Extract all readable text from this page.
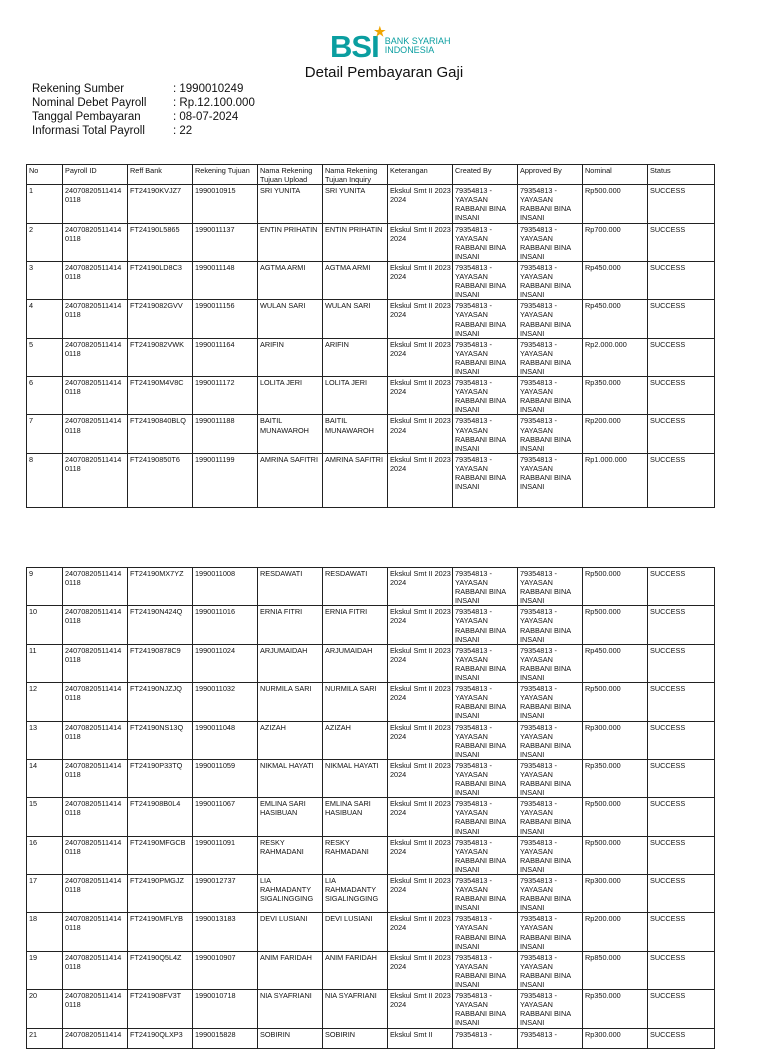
BSI
★
BANK SYARIAH
INDONESIA
Detail Pembayaran Gaji
Rekening Sumber	: 1990010249
Nominal Debet Payroll	: Rp.12.100.000
Tanggal Pembayaran	: 08-07-2024
Informasi Total Payroll	: 22
No	Payroll ID	Reff Bank	Rekening Tujuan	Nama Rekening Tujuan Upload	Nama Rekening Tujuan Inquiry	Keterangan	Created By	Approved By	Nominal	Status
1	24070820511414 0118	FT24190KVJZ7	1990010915	SRI YUNITA	SRI YUNITA	Ekskul Smt II 2023 2024	79354813 - YAYASAN RABBANI BINA INSANI	79354813 - YAYASAN RABBANI BINA INSANI	Rp500.000	SUCCESS
2	24070820511414 0118	FT24190L5865	1990011137	ENTIN PRIHATIN	ENTIN PRIHATIN	Ekskul Smt II 2023 2024	79354813 - YAYASAN RABBANI BINA INSANI	79354813 - YAYASAN RABBANI BINA INSANI	Rp700.000	SUCCESS
3	24070820511414 0118	FT24190LD8C3	1990011148	AGTMA ARMI	AGTMA ARMI	Ekskul Smt II 2023 2024	79354813 - YAYASAN RABBANI BINA INSANI	79354813 - YAYASAN RABBANI BINA INSANI	Rp450.000	SUCCESS
4	24070820511414 0118	FT2419082GVV	1990011156	WULAN SARI	WULAN SARI	Ekskul Smt II 2023 2024	79354813 - YAYASAN RABBANI BINA INSANI	79354813 - YAYASAN RABBANI BINA INSANI	Rp450.000	SUCCESS
5	24070820511414 0118	FT2419082VWK	1990011164	ARIFIN	ARIFIN	Ekskul Smt II 2023 2024	79354813 - YAYASAN RABBANI BINA INSANI	79354813 - YAYASAN RABBANI BINA INSANI	Rp2.000.000	SUCCESS
6	24070820511414 0118	FT24190M4V8C	1990011172	LOLITA JERI	LOLITA JERI	Ekskul Smt II 2023 2024	79354813 - YAYASAN RABBANI BINA INSANI	79354813 - YAYASAN RABBANI BINA INSANI	Rp350.000	SUCCESS
7	24070820511414 0118	FT24190840BLQ	1990011188	BAITIL MUNAWAROH	BAITIL MUNAWAROH	Ekskul Smt II 2023 2024	79354813 - YAYASAN RABBANI BINA INSANI	79354813 - YAYASAN RABBANI BINA INSANI	Rp200.000	SUCCESS
8	24070820511414 0118	FT24190850T6	1990011199	AMRINA SAFITRI	AMRINA SAFITRI	Ekskul Smt II 2023 2024	79354813 - YAYASAN RABBANI BINA INSANI	79354813 - YAYASAN RABBANI BINA INSANI	Rp1.000.000	SUCCESS
9	24070820511414 0118	FT24190MX7YZ	1990011008	RESDAWATI	RESDAWATI	Ekskul Smt II 2023 2024	79354813 - YAYASAN RABBANI BINA INSANI	79354813 - YAYASAN RABBANI BINA INSANI	Rp500.000	SUCCESS
10	24070820511414 0118	FT24190N424Q	1990011016	ERNIA FITRI	ERNIA FITRI	Ekskul Smt II 2023 2024	79354813 - YAYASAN RABBANI BINA INSANI	79354813 - YAYASAN RABBANI BINA INSANI	Rp500.000	SUCCESS
11	24070820511414 0118	FT24190878C9	1990011024	ARJUMAIDAH	ARJUMAIDAH	Ekskul Smt II 2023 2024	79354813 - YAYASAN RABBANI BINA INSANI	79354813 - YAYASAN RABBANI BINA INSANI	Rp450.000	SUCCESS
12	24070820511414 0118	FT24190NJZJQ	1990011032	NURMILA SARI	NURMILA SARI	Ekskul Smt II 2023 2024	79354813 - YAYASAN RABBANI BINA INSANI	79354813 - YAYASAN RABBANI BINA INSANI	Rp500.000	SUCCESS
13	24070820511414 0118	FT24190NS13Q	1990011048	AZIZAH	AZIZAH	Ekskul Smt II 2023 2024	79354813 - YAYASAN RABBANI BINA INSANI	79354813 - YAYASAN RABBANI BINA INSANI	Rp300.000	SUCCESS
14	24070820511414 0118	FT24190P33TQ	1990011059	NIKMAL HAYATI	NIKMAL HAYATI	Ekskul Smt II 2023 2024	79354813 - YAYASAN RABBANI BINA INSANI	79354813 - YAYASAN RABBANI BINA INSANI	Rp350.000	SUCCESS
15	24070820511414 0118	FT241908B0L4	1990011067	EMLINA SARI HASIBUAN	EMLINA SARI HASIBUAN	Ekskul Smt II 2023 2024	79354813 - YAYASAN RABBANI BINA INSANI	79354813 - YAYASAN RABBANI BINA INSANI	Rp500.000	SUCCESS
16	24070820511414 0118	FT24190MFGCB	1990011091	RESKY RAHMADANI	RESKY RAHMADANI	Ekskul Smt II 2023 2024	79354813 - YAYASAN RABBANI BINA INSANI	79354813 - YAYASAN RABBANI BINA INSANI	Rp500.000	SUCCESS
17	24070820511414 0118	FT24190PMGJZ	1990012737	LIA RAHMADANTY SIGALINGGING	LIA RAHMADANTY SIGALINGGING	Ekskul Smt II 2023 2024	79354813 - YAYASAN RABBANI BINA INSANI	79354813 - YAYASAN RABBANI BINA INSANI	Rp300.000	SUCCESS
18	24070820511414 0118	FT24190MFLYB	1990013183	DEVI LUSIANI	DEVI LUSIANI	Ekskul Smt II 2023 2024	79354813 - YAYASAN RABBANI BINA INSANI	79354813 - YAYASAN RABBANI BINA INSANI	Rp200.000	SUCCESS
19	24070820511414 0118	FT24190Q5L4Z	1990010907	ANIM FARIDAH	ANIM FARIDAH	Ekskul Smt II 2023 2024	79354813 - YAYASAN RABBANI BINA INSANI	79354813 - YAYASAN RABBANI BINA INSANI	Rp850.000	SUCCESS
20	24070820511414 0118	FT241908FV3T	1990010718	NIA SYAFRIANI	NIA SYAFRIANI	Ekskul Smt II 2023 2024	79354813 - YAYASAN RABBANI BINA INSANI	79354813 - YAYASAN RABBANI BINA INSANI	Rp350.000	SUCCESS
21	24070820511414	FT24190QLXP3	1990015828	SOBIRIN	SOBIRIN	Ekskul Smt II	79354813 -	79354813 -	Rp300.000	SUCCESS
